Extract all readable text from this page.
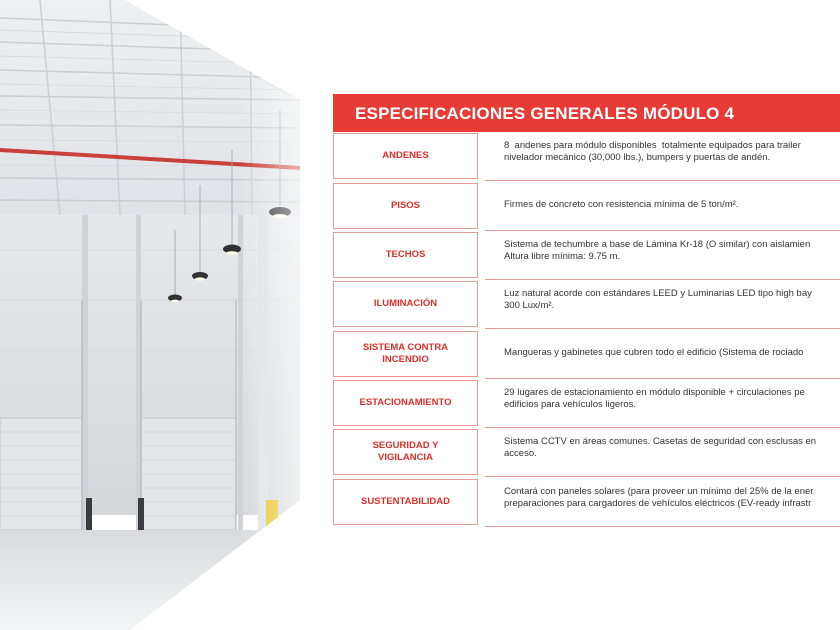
ESPECIFICACIONES GENERALES MÓDULO 4
ANDENES
8  andenes para módulo disponibles  totalmente equipados para trailer
nivelador mecánico (30,000 lbs.), bumpers y puertas de andén.
PISOS	Firmes de concreto con resistencia mínima de 5 ton/m².
TECHOS
Sistema de techumbre a base de Lámina Kr-18 (O similar) con aislamien
Altura libre mínima: 9.75 m.
ILUMINACIÓN
Luz natural acorde con estándares LEED y Luminarias LED tipo high bay
300 Lux/m².
SISTEMA CONTRA
INCENDIO
Mangueras y gabinetes que cubren todo el edificio (Sistema de rociado
ESTACIONAMIENTO
29 lugares de estacionamiento en módulo disponible + circulaciones pe
edificios para vehículos ligeros.
SEGURIDAD Y
VIGILANCIA
Sistema CCTV en áreas comunes. Casetas de seguridad con esclusas en
acceso.
SUSTENTABILIDAD
Contará con paneles solares (para proveer un mínimo del 25% de la ener
preparaciones para cargadores de vehículos eléctricos (EV-ready infrastr
